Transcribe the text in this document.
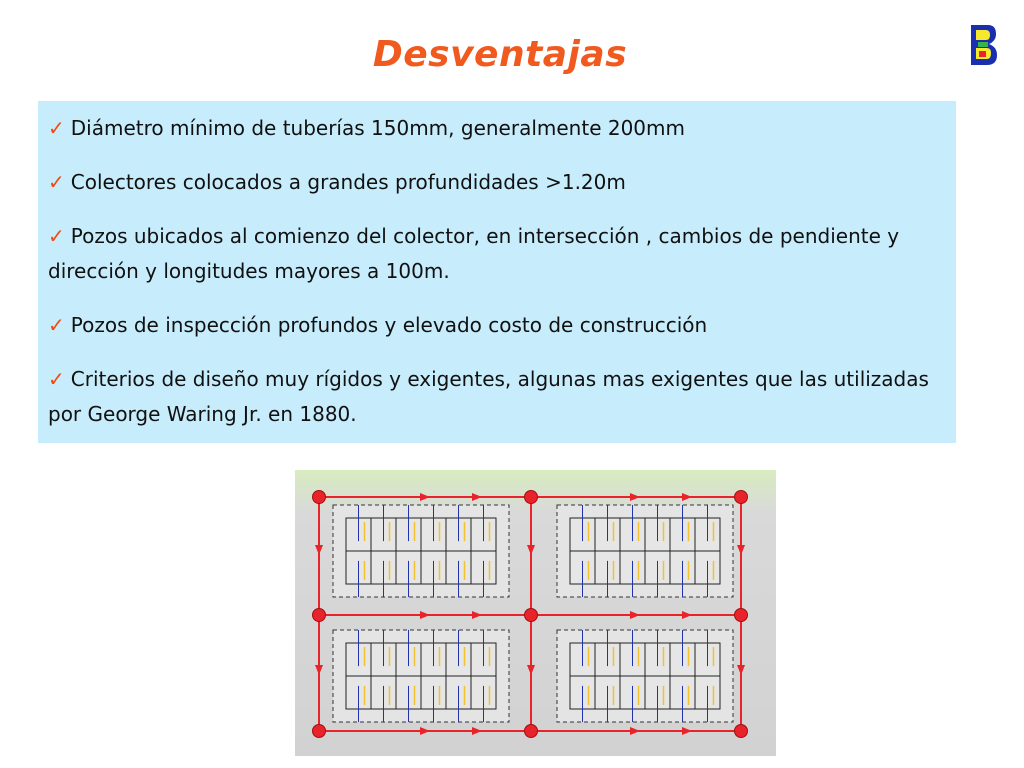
Desventajas
✓ Diámetro mínimo de tuberías 150mm, generalmente 200mm
✓ Colectores colocados a grandes profundidades >1.20m
✓ Pozos ubicados al comienzo del colector, en intersección , cambios de pendiente y dirección y longitudes mayores a 100m.
✓ Pozos de inspección profundos y elevado costo de construcción
✓ Criterios de diseño muy rígidos y exigentes, algunas mas exigentes que las utilizadas por George Waring Jr. en 1880.
